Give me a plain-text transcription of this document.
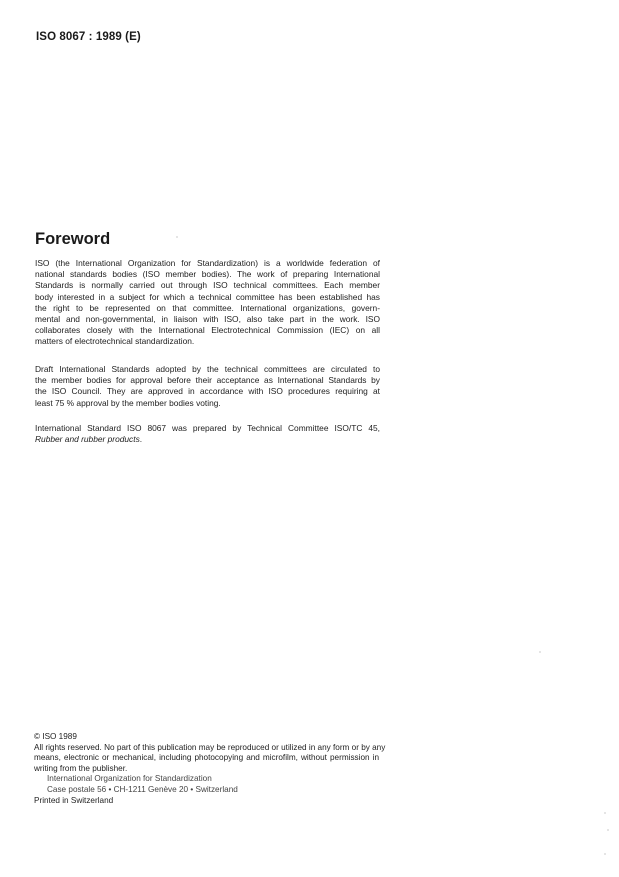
ISO 8067 : 1989 (E)
Foreword
ISO (the International Organization for Standardization) is a worldwide federation of
national standards bodies (ISO member bodies). The work of preparing International
Standards is normally carried out through ISO technical committees. Each member
body interested in a subject for which a technical committee has been established has
the right to be represented on that committee. International organizations, govern-
mental and non-governmental, in liaison with ISO, also take part in the work. ISO
collaborates closely with the International Electrotechnical Commission (IEC) on all
matters of electrotechnical standardization.
Draft International Standards adopted by the technical committees are circulated to
the member bodies for approval before their acceptance as International Standards by
the ISO Council. They are approved in accordance with ISO procedures requiring at
least 75 % approval by the member bodies voting.
International Standard ISO 8067 was prepared by Technical Committee ISO/TC 45,
Rubber and rubber products.
© ISO 1989
All rights reserved. No part of this publication may be reproduced or utilized in any form or by any
means, electronic or mechanical, including photocopying and microfilm, without permission in
writing from the publisher.
International Organization for Standardization
Case postale 56 • CH-1211 Genève 20 • Switzerland
Printed in Switzerland
